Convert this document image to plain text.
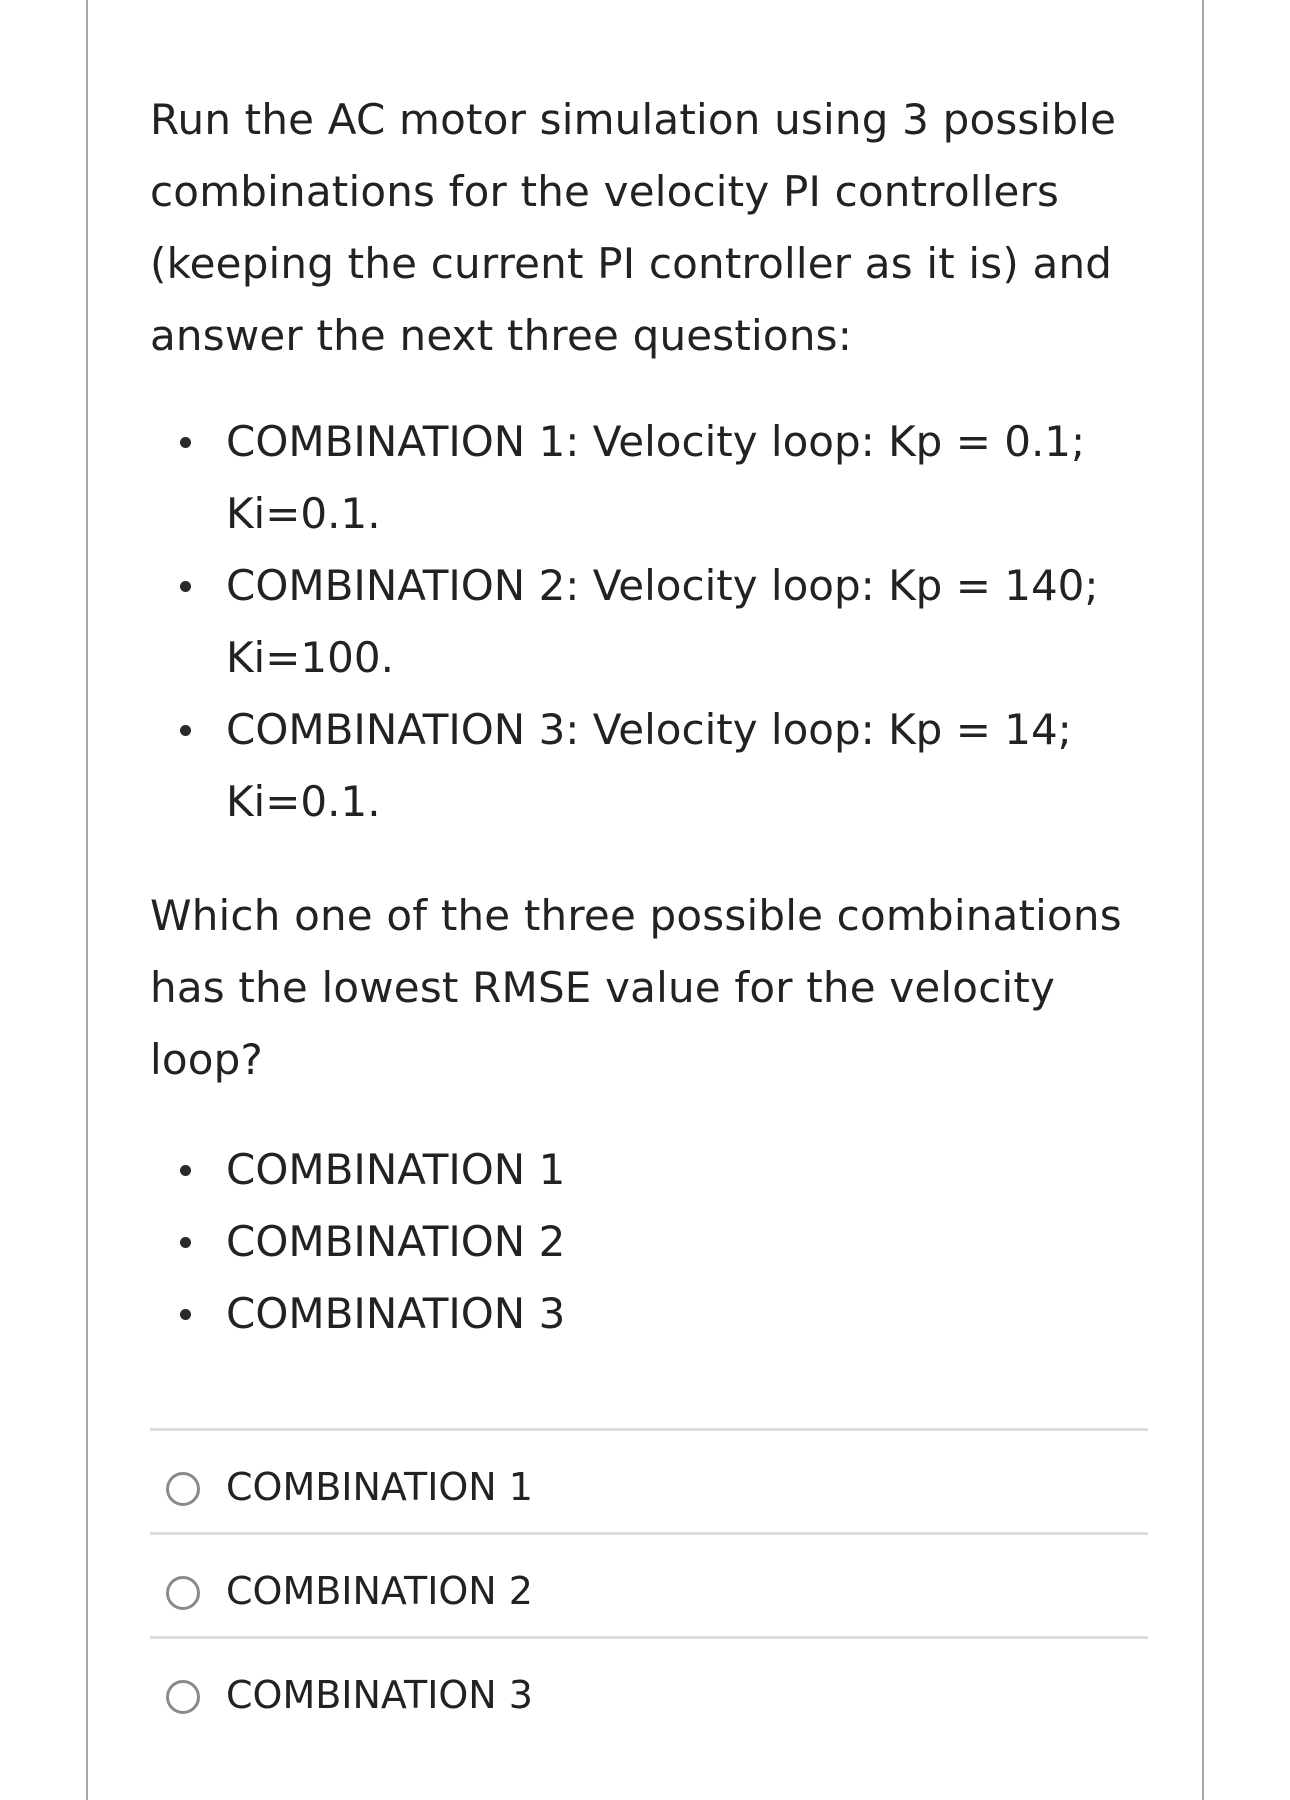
Run the AC motor simulation using 3 possible combinations for the velocity PI controllers (keeping the current PI controller as it is) and answer the next three questions:

COMBINATION 1: Velocity loop: Kp = 0.1; Ki=0.1.
COMBINATION 2: Velocity loop: Kp = 140; Ki=100.
COMBINATION 3: Velocity loop: Kp = 14; Ki=0.1.

Which one of the three possible combinations has the lowest RMSE value for the velocity loop?

COMBINATION 1
COMBINATION 2
COMBINATION 3
COMBINATION 1
COMBINATION 2
COMBINATION 3
